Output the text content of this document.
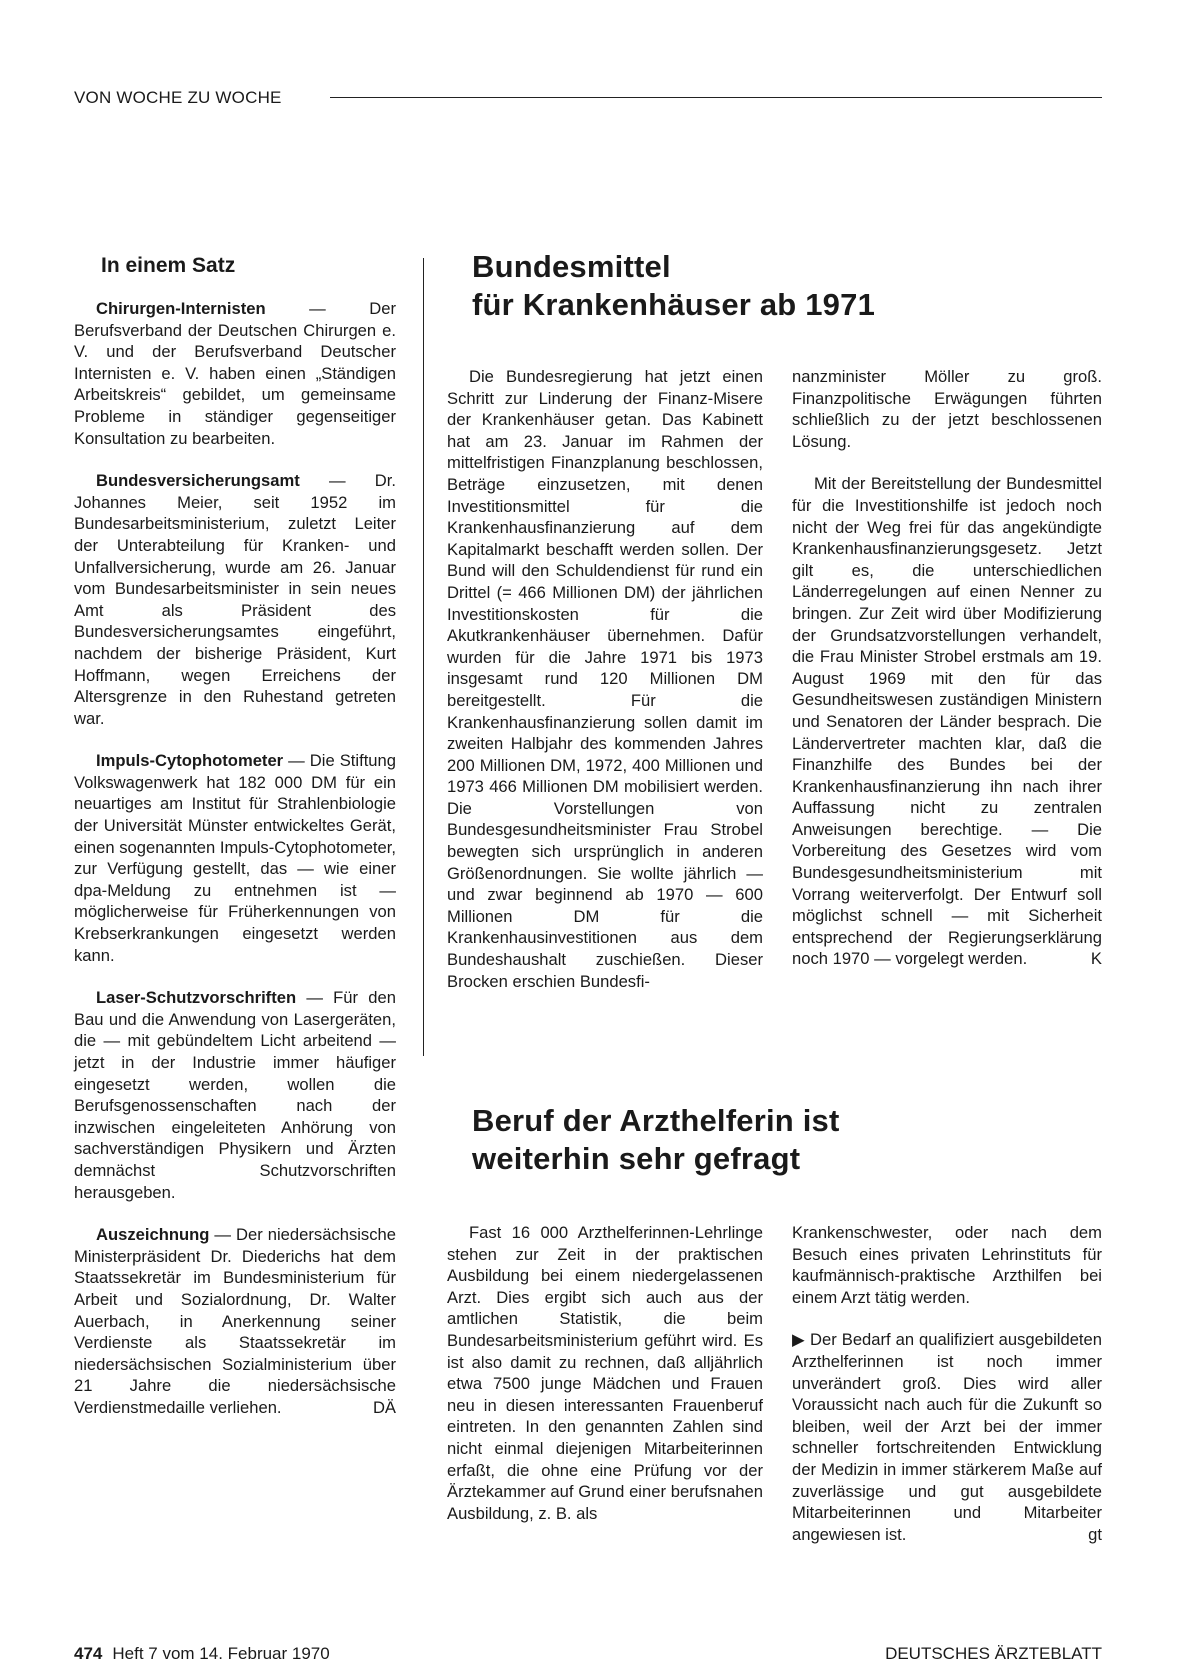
VON WOCHE ZU WOCHE
In einem Satz

Chirurgen-Internisten — Der Berufsverband der Deutschen Chirurgen e. V. und der Berufsverband Deutscher Internisten e. V. haben einen „Ständigen Arbeitskreis“ gebildet, um gemeinsame Probleme in ständiger gegenseitiger Konsultation zu bearbeiten.

Bundesversicherungsamt — Dr. Johannes Meier, seit 1952 im Bundesarbeitsministerium, zuletzt Leiter der Unterabteilung für Kranken- und Unfallversicherung, wurde am 26. Januar vom Bundesarbeitsminister in sein neues Amt als Präsident des Bundesversicherungsamtes eingeführt, nachdem der bisherige Präsident, Kurt Hoffmann, wegen Erreichens der Altersgrenze in den Ruhestand getreten war.

Impuls-Cytophotometer — Die Stiftung Volkswagenwerk hat 182 000 DM für ein neuartiges am Institut für Strahlenbiologie der Universität Münster entwickeltes Gerät, einen sogenannten Impuls-Cytophotometer, zur Verfügung gestellt, das — wie einer dpa-Meldung zu entnehmen ist — möglicherweise für Früherkennungen von Krebserkrankungen eingesetzt werden kann.

Laser-Schutzvorschriften — Für den Bau und die Anwendung von Lasergeräten, die — mit gebündeltem Licht arbeitend — jetzt in der Industrie immer häufiger eingesetzt werden, wollen die Berufsgenossenschaften nach der inzwischen eingeleiteten Anhörung von sachverständigen Physikern und Ärzten demnächst Schutzvorschriften herausgeben.

Auszeichnung — Der niedersächsische Ministerpräsident Dr. Diederichs hat dem Staatssekretär im Bundesministerium für Arbeit und Sozialordnung, Dr. Walter Auerbach, in Anerkennung seiner Verdienste als Staatssekretär im niedersächsischen Sozialministerium über 21 Jahre die niedersächsische Verdienstmedaille verliehen.	DÄ

Bundesmittel
für Krankenhäuser ab 1971

Die Bundesregierung hat jetzt einen Schritt zur Linderung der Finanz-Misere der Krankenhäuser getan. Das Kabinett hat am 23. Januar im Rahmen der mittelfristigen Finanzplanung beschlossen, Beträge einzusetzen, mit denen Investitionsmittel für die Krankenhausfinanzierung auf dem Kapitalmarkt beschafft werden sollen. Der Bund will den Schuldendienst für rund ein Drittel (= 466 Millionen DM) der jährlichen Investitionskosten für die Akutkrankenhäuser übernehmen. Dafür wurden für die Jahre 1971 bis 1973 insgesamt rund 120 Millionen DM bereitgestellt. Für die Krankenhausfinanzierung sollen damit im zweiten Halbjahr des kommenden Jahres 200 Millionen DM, 1972, 400 Millionen und 1973 466 Millionen DM mobilisiert werden. Die Vorstellungen von Bundesgesundheitsminister Frau Strobel bewegten sich ursprünglich in anderen Größenordnungen. Sie wollte jährlich — und zwar beginnend ab 1970 — 600 Millionen DM für die Krankenhausinvestitionen aus dem Bundeshaushalt zuschießen. Dieser Brocken erschien Bundesfi-

nanzminister Möller zu groß. Finanzpolitische Erwägungen führten schließlich zu der jetzt beschlossenen Lösung.

Mit der Bereitstellung der Bundesmittel für die Investitionshilfe ist jedoch noch nicht der Weg frei für das angekündigte Krankenhausfinanzierungsgesetz. Jetzt gilt es, die unterschiedlichen Länderregelungen auf einen Nenner zu bringen. Zur Zeit wird über Modifizierung der Grundsatzvorstellungen verhandelt, die Frau Minister Strobel erstmals am 19. August 1969 mit den für das Gesundheitswesen zuständigen Ministern und Senatoren der Länder besprach. Die Ländervertreter machten klar, daß die Finanzhilfe des Bundes bei der Krankenhausfinanzierung ihn nach ihrer Auffassung nicht zu zentralen Anweisungen berechtige. — Die Vorbereitung des Gesetzes wird vom Bundesgesundheitsministerium mit Vorrang weiterverfolgt. Der Entwurf soll möglichst schnell — mit Sicherheit entsprechend der Regierungserklärung noch 1970 — vorgelegt werden.	K

Beruf der Arzthelferin ist
weiterhin sehr gefragt

Fast 16 000 Arzthelferinnen-Lehrlinge stehen zur Zeit in der praktischen Ausbildung bei einem niedergelassenen Arzt. Dies ergibt sich auch aus der amtlichen Statistik, die beim Bundesarbeitsministerium geführt wird. Es ist also damit zu rechnen, daß alljährlich etwa 7500 junge Mädchen und Frauen neu in diesen interessanten Frauenberuf eintreten. In den genannten Zahlen sind nicht einmal diejenigen Mitarbeiterinnen erfaßt, die ohne eine Prüfung vor der Ärztekammer auf Grund einer berufsnahen Ausbildung, z. B. als

Krankenschwester, oder nach dem Besuch eines privaten Lehrinstituts für kaufmännisch-praktische Arzthilfen bei einem Arzt tätig werden.

▶ Der Bedarf an qualifiziert ausgebildeten Arzthelferinnen ist noch immer unverändert groß. Dies wird aller Voraussicht nach auch für die Zukunft so bleiben, weil der Arzt bei der immer schneller fortschreitenden Entwicklung der Medizin in immer stärkerem Maße auf zuverlässige und gut ausgebildete Mitarbeiterinnen und Mitarbeiter angewiesen ist.	gt

474 Heft 7 vom 14. Februar 1970	DEUTSCHES ÄRZTEBLATT
